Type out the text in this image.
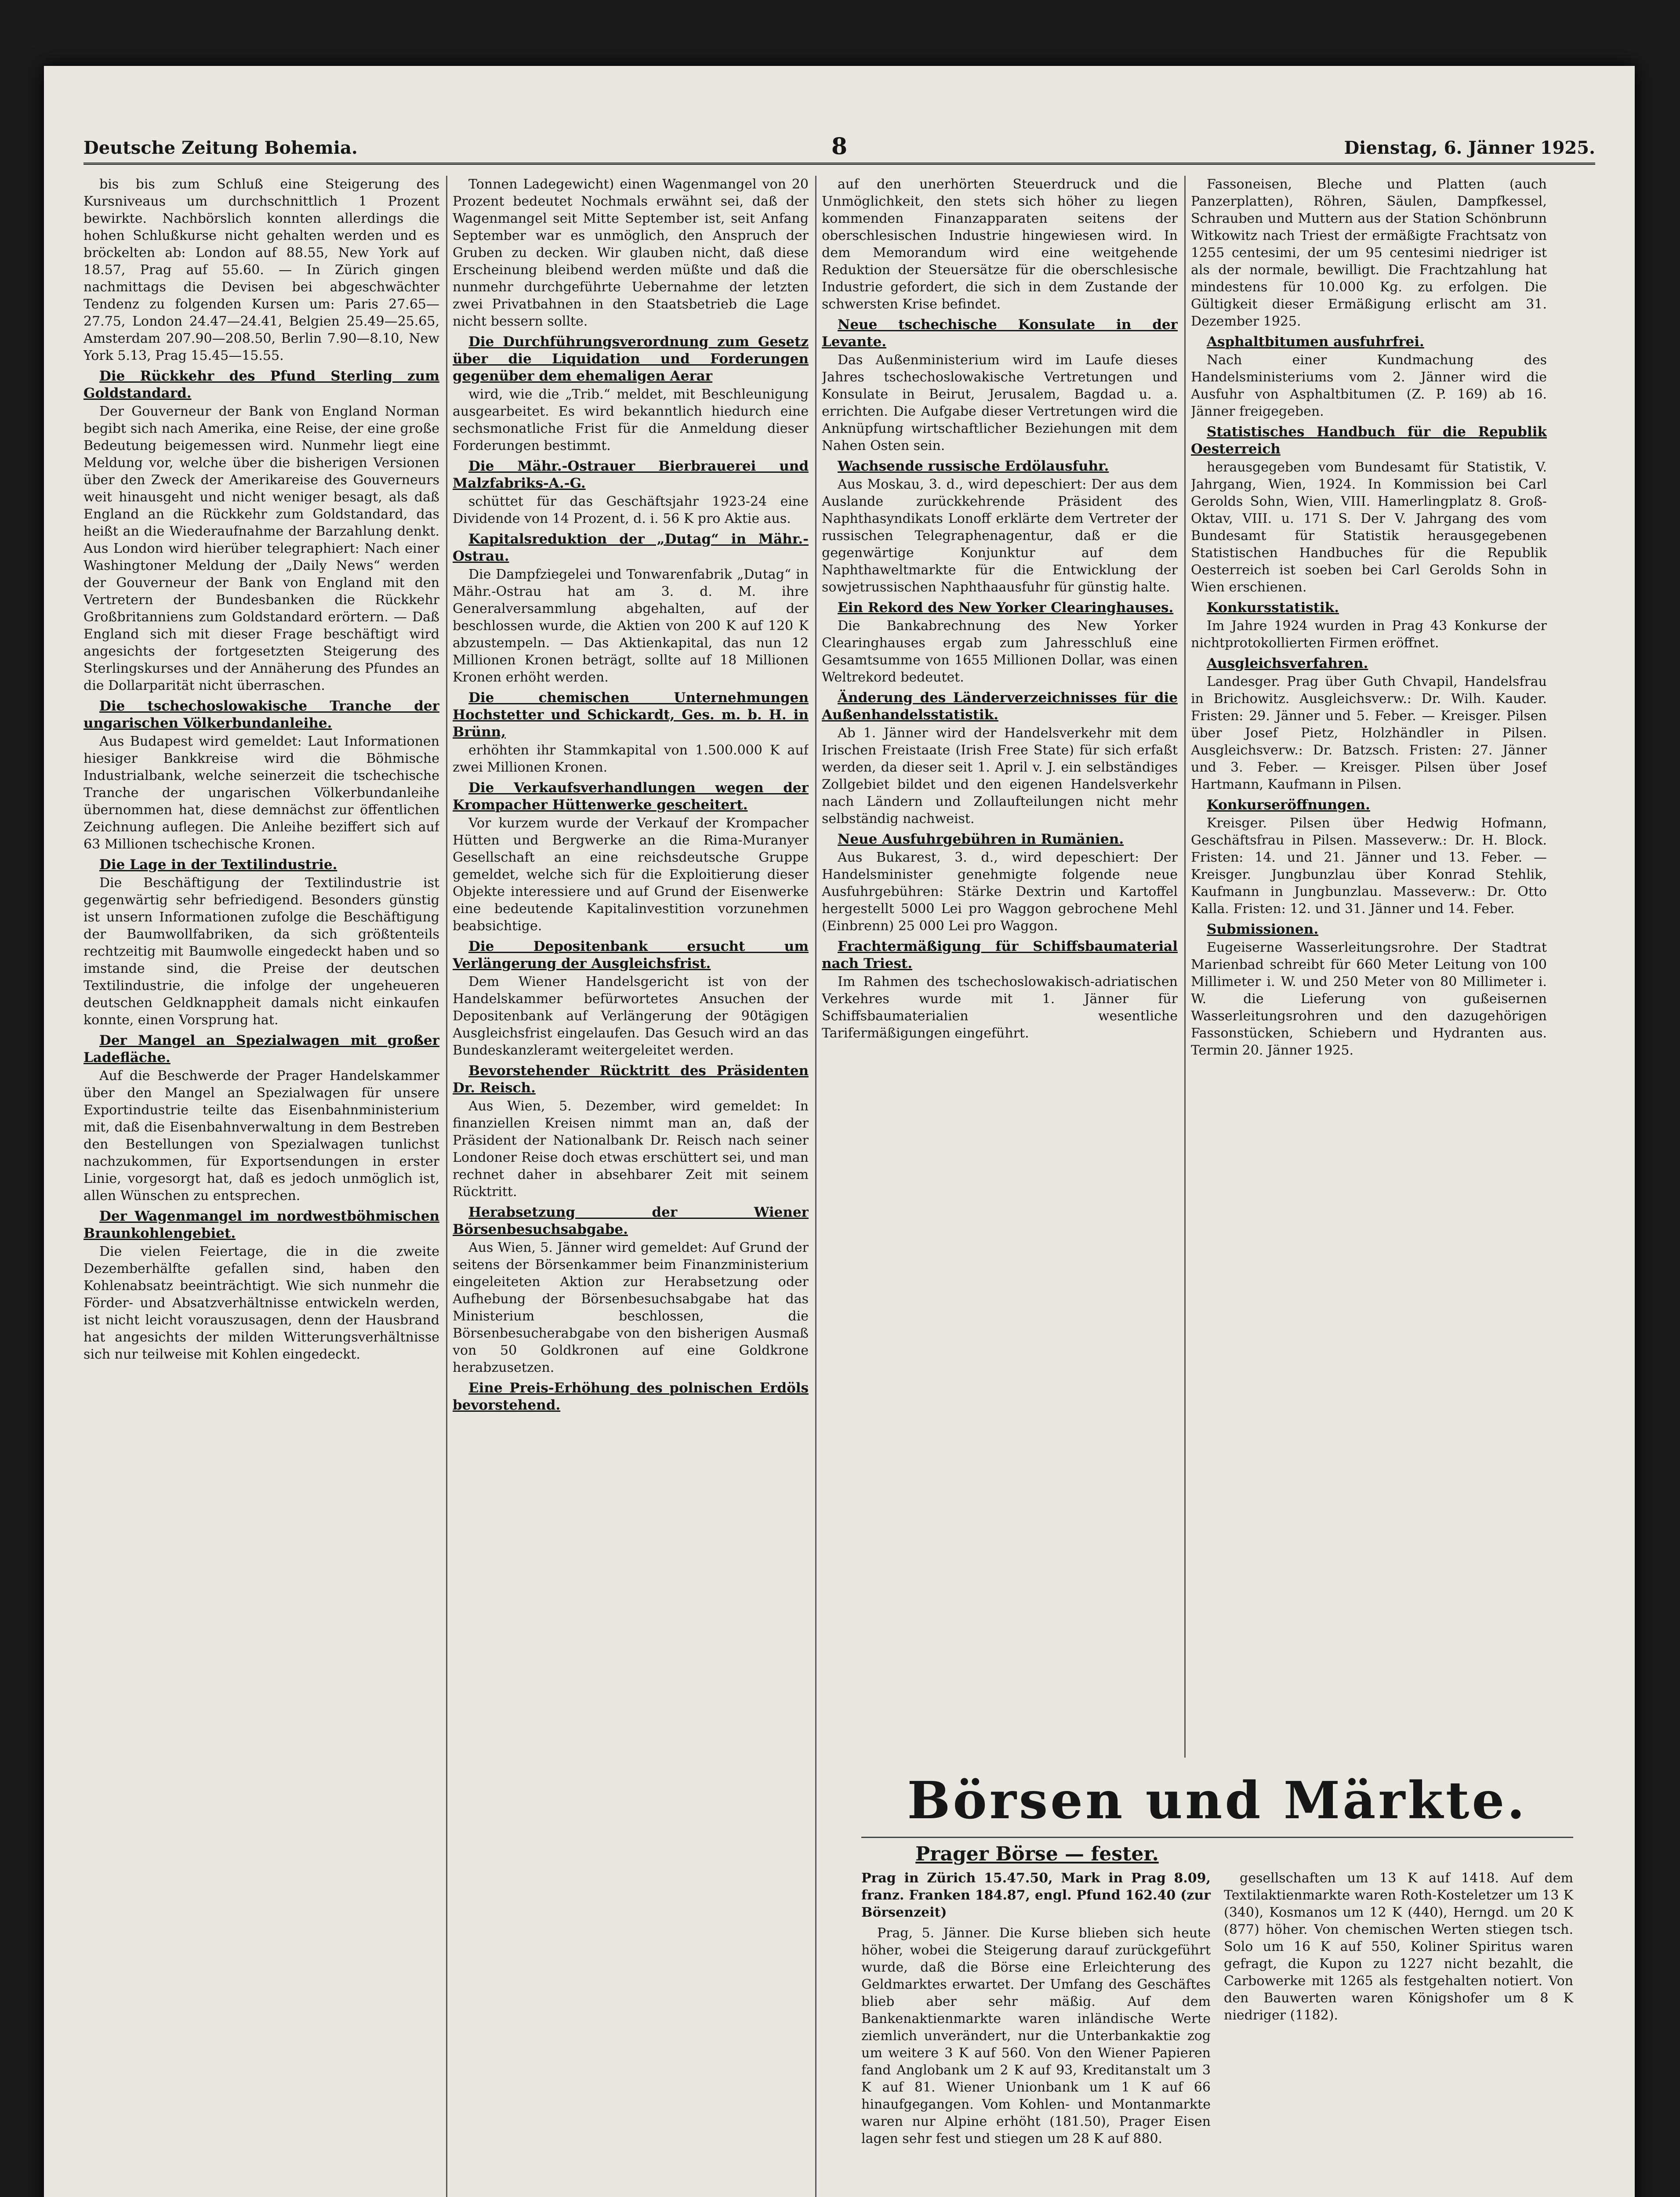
Deutsche Zeitung Bohemia.	8	Dienstag, 6. Jänner 1925.

bis bis zum Schluß eine Steigerung des Kursniveaus um durchschnittlich 1 Prozent bewirkte. Nachbörslich konnten allerdings die hohen Schlußkurse nicht gehalten werden und es bröckelten ab: London auf 88.55, New York auf 18.57, Prag auf 55.60. — In Zürich gingen nachmittags die Devisen bei abgeschwächter Tendenz zu folgenden Kursen um: Paris 27.65—27.75, London 24.47—24.41, Belgien 25.49—25.65, Amsterdam 207.90—208.50, Berlin 7.90—8.10, New York 5.13, Prag 15.45—15.55.

Die Rückkehr des Pfund Sterling zum Goldstandard.

Der Gouverneur der Bank von England Norman begibt sich nach Amerika, eine Reise, der eine große Bedeutung beigemessen wird. Nunmehr liegt eine Meldung vor, welche über die bisherigen Versionen über den Zweck der Amerikareise des Gouverneurs weit hinausgeht und nicht weniger besagt, als daß England an die Rückkehr zum Goldstandard, das heißt an die Wiederaufnahme der Barzahlung denkt. Aus London wird hierüber telegraphiert: Nach einer Washingtoner Meldung der „Daily News“ werden der Gouverneur der Bank von England mit den Vertretern der Bundesbanken die Rückkehr Großbritanniens zum Goldstandard erörtern. — Daß England sich mit dieser Frage beschäftigt wird angesichts der fortgesetzten Steigerung des Sterlingskurses und der Annäherung des Pfundes an die Dollarparität nicht überraschen.

Die tschechoslowakische Tranche der ungarischen Völkerbundanleihe.

Aus Budapest wird gemeldet: Laut Informationen hiesiger Bankkreise wird die Böhmische Industrialbank, welche seinerzeit die tschechische Tranche der ungarischen Völkerbundanleihe übernommen hat, diese demnächst zur öffentlichen Zeichnung auflegen. Die Anleihe beziffert sich auf 63 Millionen tschechische Kronen.

Die Lage in der Textilindustrie.

Die Beschäftigung der Textilindustrie ist gegenwärtig sehr befriedigend. Besonders günstig ist unsern Informationen zufolge die Beschäftigung der Baumwollfabriken, da sich größtenteils rechtzeitig mit Baumwolle eingedeckt haben und so imstande sind, die Preise der deutschen Textilindustrie, die infolge der ungeheueren deutschen Geldknappheit damals nicht einkaufen konnte, einen Vorsprung hat.

Der Mangel an Spezialwagen mit großer Ladefläche.

Auf die Beschwerde der Prager Handelskammer über den Mangel an Spezialwagen für unsere Exportindustrie teilte das Eisenbahnministerium mit, daß die Eisenbahnverwaltung in dem Bestreben den Bestellungen von Spezialwagen tunlichst nachzukommen, für Exportsendungen in erster Linie, vorgesorgt hat, daß es jedoch unmöglich ist, allen Wünschen zu entsprechen.

Der Wagenmangel im nordwestböhmischen Braunkohlengebiet.

Die vielen Feiertage, die in die zweite Dezemberhälfte gefallen sind, haben den Kohlenabsatz beeinträchtigt. Wie sich nunmehr die Förder- und Absatzverhältnisse entwickeln werden, ist nicht leicht vorauszusagen, denn der Hausbrand hat angesichts der milden Witterungsverhältnisse sich nur teilweise mit Kohlen eingedeckt.

Tonnen Ladegewicht) einen Wagenmangel von 20 Prozent bedeutet Nochmals erwähnt sei, daß der Wagenmangel seit Mitte September ist, seit Anfang September war es unmöglich, den Anspruch der Gruben zu decken. Wir glauben nicht, daß diese Erscheinung bleibend werden müßte und daß die nunmehr durchgeführte Uebernahme der letzten zwei Privatbahnen in den Staatsbetrieb die Lage nicht bessern sollte.

Die Durchführungsverordnung zum Gesetz über die Liquidation und Forderungen gegenüber dem ehemaligen Aerar

wird, wie die „Trib.“ meldet, mit Beschleunigung ausgearbeitet. Es wird bekanntlich hiedurch eine sechsmonatliche Frist für die Anmeldung dieser Forderungen bestimmt.

Die Mähr.-Ostrauer Bierbrauerei und Malzfabriks-A.-G.

schüttet für das Geschäftsjahr 1923-24 eine Dividende von 14 Prozent, d. i. 56 K pro Aktie aus.

Kapitalsreduktion der „Dutag“ in Mähr.-Ostrau.

Die Dampfziegelei und Tonwarenfabrik „Dutag“ in Mähr.-Ostrau hat am 3. d. M. ihre Generalversammlung abgehalten, auf der beschlossen wurde, die Aktien von 200 K auf 120 K abzustempeln. — Das Aktienkapital, das nun 12 Millionen Kronen beträgt, sollte auf 18 Millionen Kronen erhöht werden.

Die chemischen Unternehmungen Hochstetter und Schickardt, Ges. m. b. H. in Brünn,

erhöhten ihr Stammkapital von 1.500.000 K auf zwei Millionen Kronen.

Die Verkaufsverhandlungen wegen der Krompacher Hüttenwerke gescheitert.

Vor kurzem wurde der Verkauf der Krompacher Hütten und Bergwerke an die Rima-Muranyer Gesellschaft an eine reichsdeutsche Gruppe gemeldet, welche sich für die Exploitierung dieser Objekte interessiere und auf Grund der Eisenwerke eine bedeutende Kapitalinvestition vorzunehmen beabsichtige.

Die Depositenbank ersucht um Verlängerung der Ausgleichsfrist.

Dem Wiener Handelsgericht ist von der Handelskammer befürwortetes Ansuchen der Depositenbank auf Verlängerung der 90tägigen Ausgleichsfrist eingelaufen. Das Gesuch wird an das Bundeskanzleramt weitergeleitet werden.

Bevorstehender Rücktritt des Präsidenten Dr. Reisch.

Aus Wien, 5. Dezember, wird gemeldet: In finanziellen Kreisen nimmt man an, daß der Präsident der Nationalbank Dr. Reisch nach seiner Londoner Reise doch etwas erschüttert sei, und man rechnet daher in absehbarer Zeit mit seinem Rücktritt.

Herabsetzung der Wiener Börsenbesuchsabgabe.

Aus Wien, 5. Jänner wird gemeldet: Auf Grund der seitens der Börsenkammer beim Finanzministerium eingeleiteten Aktion zur Herabsetzung oder Aufhebung der Börsenbesuchsabgabe hat das Ministerium beschlossen, die Börsenbesucherabgabe von den bisherigen Ausmaß von 50 Goldkronen auf eine Goldkrone herabzusetzen.

Eine Preis-Erhöhung des polnischen Erdöls bevorstehend.

auf den unerhörten Steuerdruck und die Unmöglichkeit, den stets sich höher zu liegen kommenden Finanzapparaten seitens der oberschlesischen Industrie hingewiesen wird. In dem Memorandum wird eine weitgehende Reduktion der Steuersätze für die oberschlesische Industrie gefordert, die sich in dem Zustande der schwersten Krise befindet.

Neue tschechische Konsulate in der Levante.

Das Außenministerium wird im Laufe dieses Jahres tschechoslowakische Vertretungen und Konsulate in Beirut, Jerusalem, Bagdad u. a. errichten. Die Aufgabe dieser Vertretungen wird die Anknüpfung wirtschaftlicher Beziehungen mit dem Nahen Osten sein.

Wachsende russische Erdölausfuhr.

Aus Moskau, 3. d., wird depeschiert: Der aus dem Auslande zurückkehrende Präsident des Naphthasyndikats Lonoff erklärte dem Vertreter der russischen Telegraphenagentur, daß er die gegenwärtige Konjunktur auf dem Naphthaweltmarkte für die Entwicklung der sowjetrussischen Naphthaausfuhr für günstig halte.

Ein Rekord des New Yorker Clearinghauses.

Die Bankabrechnung des New Yorker Clearinghauses ergab zum Jahresschluß eine Gesamtsumme von 1655 Millionen Dollar, was einen Weltrekord bedeutet.

Änderung des Länderverzeichnisses für die Außenhandelsstatistik.

Ab 1. Jänner wird der Handelsverkehr mit dem Irischen Freistaate (Irish Free State) für sich erfaßt werden, da dieser seit 1. April v. J. ein selbständiges Zollgebiet bildet und den eigenen Handelsverkehr nach Ländern und Zollaufteilungen nicht mehr selbständig nachweist.

Neue Ausfuhrgebühren in Rumänien.

Aus Bukarest, 3. d., wird depeschiert: Der Handelsminister genehmigte folgende neue Ausfuhrgebühren: Stärke Dextrin und Kartoffel hergestellt 5000 Lei pro Waggon gebrochene Mehl (Einbrenn) 25 000 Lei pro Waggon.

Frachtermäßigung für Schiffsbaumaterial nach Triest.

Im Rahmen des tschechoslowakisch-adriatischen Verkehres wurde mit 1. Jänner für Schiffsbaumaterialien wesentliche Tarifermäßigungen eingeführt.

Fassoneisen, Bleche und Platten (auch Panzerplatten), Röhren, Säulen, Dampfkessel, Schrauben und Muttern aus der Station Schönbrunn Witkowitz nach Triest der ermäßigte Frachtsatz von 1255 centesimi, der um 95 centesimi niedriger ist als der normale, bewilligt. Die Frachtzahlung hat mindestens für 10.000 Kg. zu erfolgen. Die Gültigkeit dieser Ermäßigung erlischt am 31. Dezember 1925.

Asphaltbitumen ausfuhrfrei.

Nach einer Kundmachung des Handelsministeriums vom 2. Jänner wird die Ausfuhr von Asphaltbitumen (Z. P. 169) ab 16. Jänner freigegeben.

Statistisches Handbuch für die Republik Oesterreich

herausgegeben vom Bundesamt für Statistik, V. Jahrgang, Wien, 1924. In Kommission bei Carl Gerolds Sohn, Wien, VIII. Hamerlingplatz 8. Groß-Oktav, VIII. u. 171 S. Der V. Jahrgang des vom Bundesamt für Statistik herausgegebenen Statistischen Handbuches für die Republik Oesterreich ist soeben bei Carl Gerolds Sohn in Wien erschienen.

Konkursstatistik.

Im Jahre 1924 wurden in Prag 43 Konkurse der nichtprotokollierten Firmen eröffnet.

Ausgleichsverfahren.

Landesger. Prag über Guth Chvapil, Handelsfrau in Brichowitz. Ausgleichsverw.: Dr. Wilh. Kauder. Fristen: 29. Jänner und 5. Feber. — Kreisger. Pilsen über Josef Pietz, Holzhändler in Pilsen. Ausgleichsverw.: Dr. Batzsch. Fristen: 27. Jänner und 3. Feber. — Kreisger. Pilsen über Josef Hartmann, Kaufmann in Pilsen.

Konkurseröffnungen.

Kreisger. Pilsen über Hedwig Hofmann, Geschäftsfrau in Pilsen. Masseverw.: Dr. H. Block. Fristen: 14. und 21. Jänner und 13. Feber. — Kreisger. Jungbunzlau über Konrad Stehlik, Kaufmann in Jungbunzlau. Masseverw.: Dr. Otto Kalla. Fristen: 12. und 31. Jänner und 14. Feber.

Submissionen.

Eugeiserne Wasserleitungsrohre. Der Stadtrat Marienbad schreibt für 660 Meter Leitung von 100 Millimeter i. W. und 250 Meter von 80 Millimeter i. W. die Lieferung von gußeisernen Wasserleitungsrohren und den dazugehörigen Fassonstücken, Schiebern und Hydranten aus. Termin 20. Jänner 1925.

Börsen und Märkte.
Prager Börse — fester.

Prag in Zürich 15.47.50, Mark in Prag 8.09, franz. Franken 184.87, engl. Pfund 162.40 (zur Börsenzeit)

Prag, 5. Jänner. Die Kurse blieben sich heute höher, wobei die Steigerung darauf zurückgeführt wurde, daß die Börse eine Erleichterung des Geldmarktes erwartet. Der Umfang des Geschäftes blieb aber sehr mäßig. Auf dem Bankenaktienmarkte waren inländische Werte ziemlich unverändert, nur die Unterbankaktie zog um weitere 3 K auf 560. Von den Wiener Papieren fand Anglobank um 2 K auf 93, Kreditanstalt um 3 K auf 81. Wiener Unionbank um 1 K auf 66 hinaufgegangen. Vom Kohlen- und Montanmarkte waren nur Alpine erhöht (181.50), Prager Eisen lagen sehr fest und stiegen um 28 K auf 880.

gesellschaften um 13 K auf 1418. Auf dem Textilaktienmarkte waren Roth-Kosteletzer um 13 K (340), Kosmanos um 12 K (440), Herngd. um 20 K (877) höher. Von chemischen Werten stiegen tsch. Solo um 16 K auf 550, Koliner Spiritus waren gefragt, die Kupon zu 1227 nicht bezahlt, die Carbowerke mit 1265 als festgehalten notiert. Von den Bauwerten waren Königshofer um 8 K niedriger (1182).
